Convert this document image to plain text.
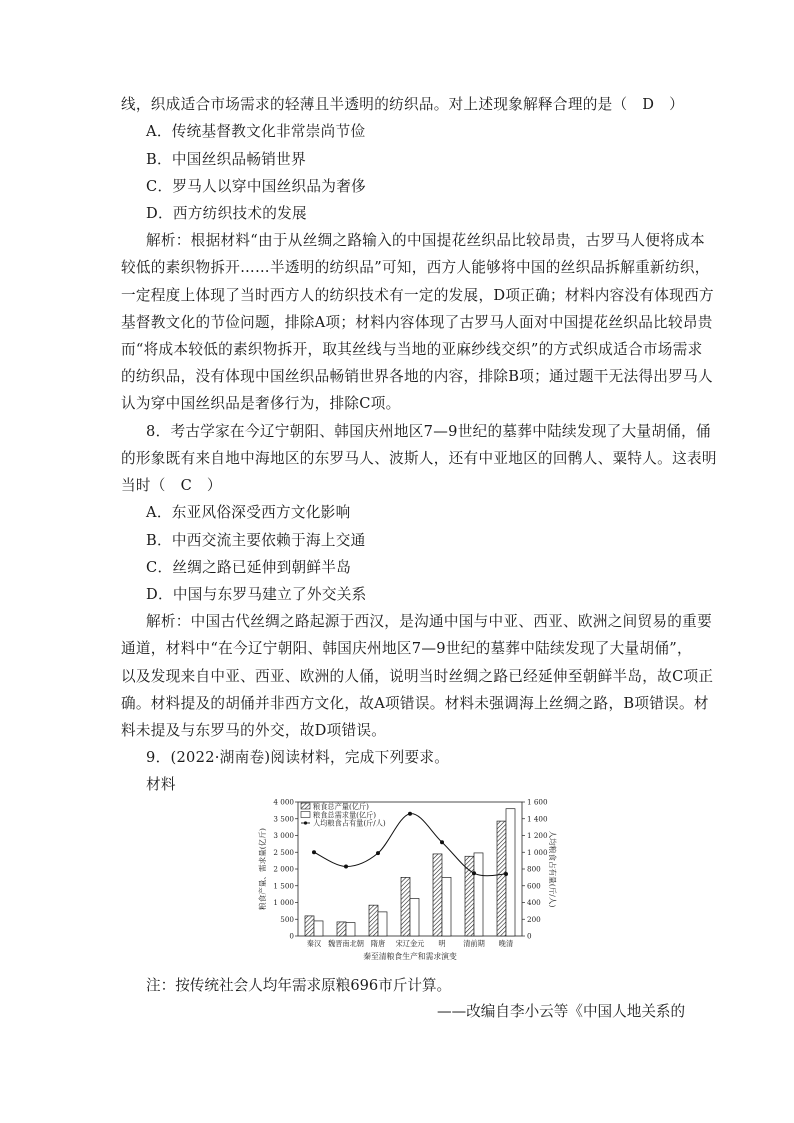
线，织成适合市场需求的轻薄且半透明的纺织品。对上述现象解释合理的是（　D　）
A．传统基督教文化非常崇尚节俭
B．中国丝织品畅销世界
C．罗马人以穿中国丝织品为奢侈
D．西方纺织技术的发展
解析：根据材料“由于从丝绸之路输入的中国提花丝织品比较昂贵，古罗马人便将成本
较低的素织物拆开……半透明的纺织品”可知，西方人能够将中国的丝织品拆解重新纺织，
一定程度上体现了当时西方人的纺织技术有一定的发展，D项正确；材料内容没有体现西方
基督教文化的节俭问题，排除A项；材料内容体现了古罗马人面对中国提花丝织品比较昂贵
而“将成本较低的素织物拆开，取其丝线与当地的亚麻纱线交织”的方式织成适合市场需求
的纺织品，没有体现中国丝织品畅销世界各地的内容，排除B项；通过题干无法得出罗马人
认为穿中国丝织品是奢侈行为，排除C项。
8．考古学家在今辽宁朝阳、韩国庆州地区7—9世纪的墓葬中陆续发现了大量胡俑，俑
的形象既有来自地中海地区的东罗马人、波斯人，还有中亚地区的回鹘人、粟特人。这表明
当时（　C　）
A．东亚风俗深受西方文化影响
B．中西交流主要依赖于海上交通
C．丝绸之路已延伸到朝鲜半岛
D．中国与东罗马建立了外交关系
解析：中国古代丝绸之路起源于西汉，是沟通中国与中亚、西亚、欧洲之间贸易的重要
通道，材料中“在今辽宁朝阳、韩国庆州地区7—9世纪的墓葬中陆续发现了大量胡俑”，
以及发现来自中亚、西亚、欧洲的人俑，说明当时丝绸之路已经延伸至朝鲜半岛，故C项正
确。材料提及的胡俑并非西方文化，故A项错误。材料未强调海上丝绸之路，B项错误。材
料未提及与东罗马的外交，故D项错误。
9．(2022·湖南卷)阅读材料，完成下列要求。
材料
0
500
1 000
1 500
2 000
2 500
3 000
3 500
4 000
0
200
400
600
800
1 000
1 200
1 400
1 600
粮食产量、需求量(亿斤)	人均粮食占有量(斤/人)
秦汉 魏晋南北朝 隋唐 宋辽金元 明 清前期 晚清
粮食总产量(亿斤)
粮食总需求量(亿斤)
人均粮食占有量(斤/人)
秦至清粮食生产和需求演变
注：按传统社会人均年需求原粮696市斤计算。
——改编自李小云等《中国人地关系的
